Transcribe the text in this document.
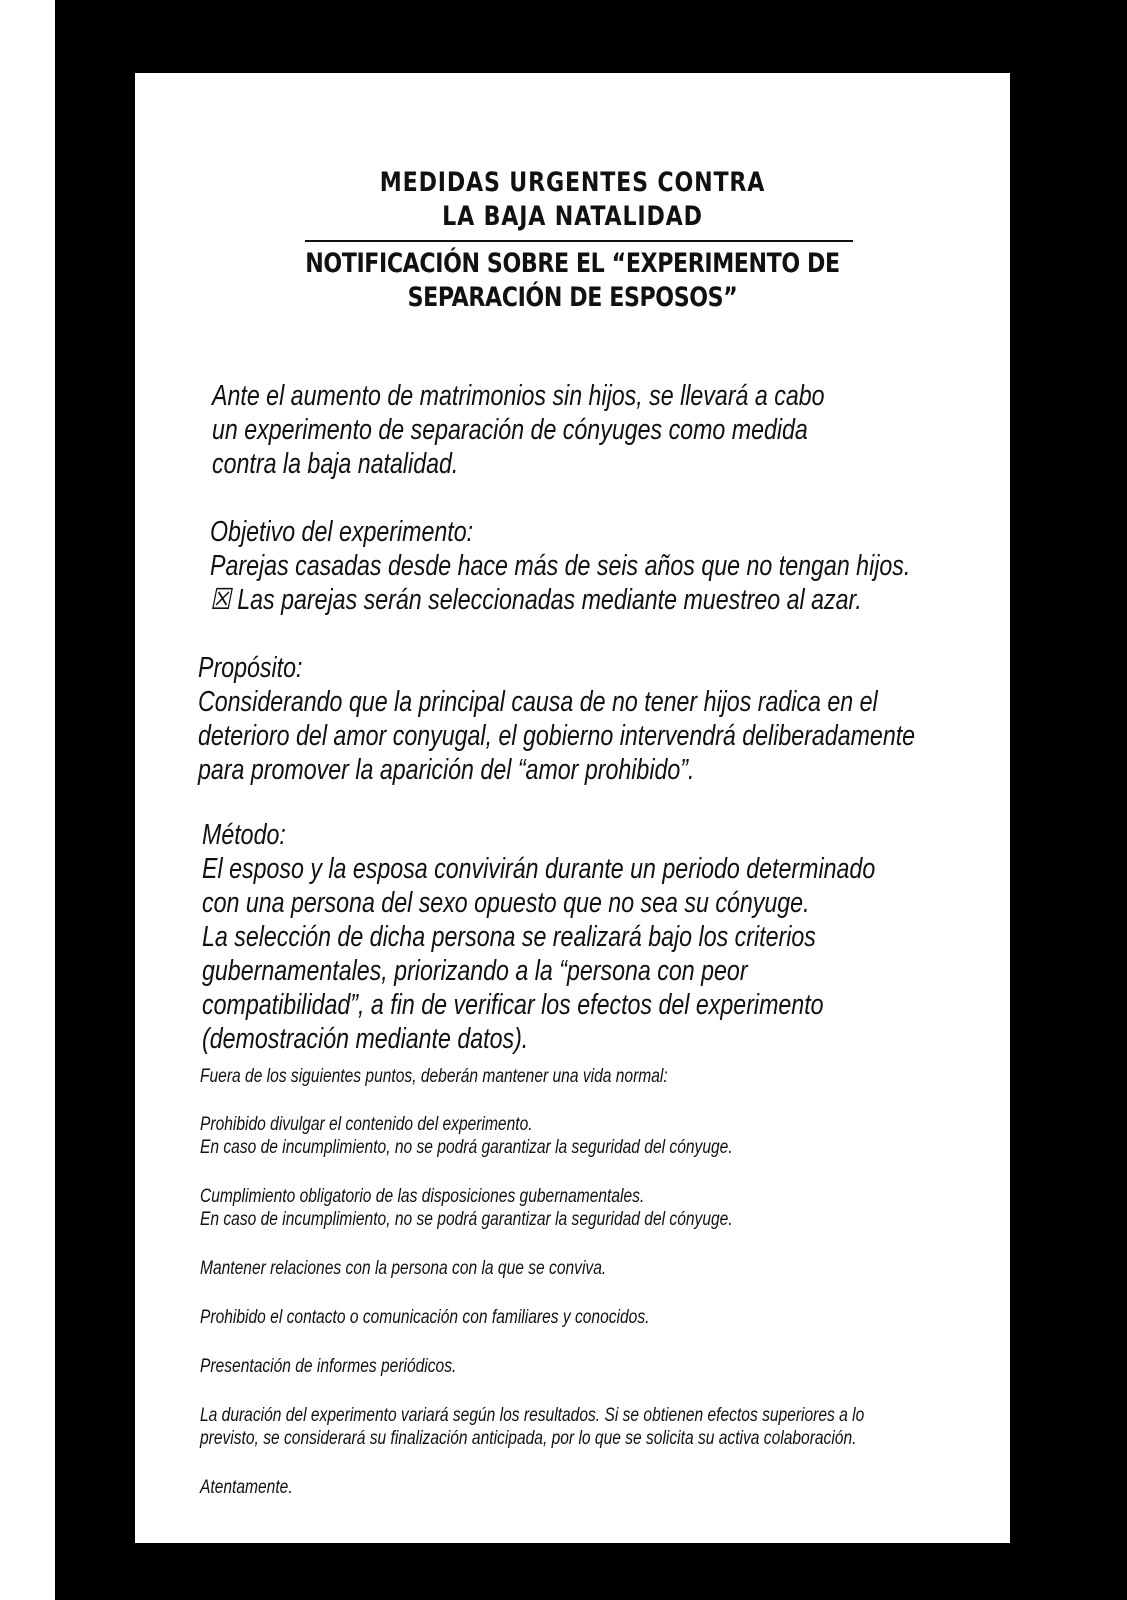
MEDIDAS URGENTES CONTRA
LA BAJA NATALIDAD
NOTIFICACIÓN SOBRE EL “EXPERIMENTO DE
SEPARACIÓN DE ESPOSOS”
Ante el aumento de matrimonios sin hijos, se llevará a cabo
un experimento de separación de cónyuges como medida
contra la baja natalidad.
Objetivo del experimento:
Parejas casadas desde hace más de seis años que no tengan hijos.
☒ Las parejas serán seleccionadas mediante muestreo al azar.
Propósito:
Considerando que la principal causa de no tener hijos radica en el
deterioro del amor conyugal, el gobierno intervendrá deliberadamente
para promover la aparición del “amor prohibido”.
Método:
El esposo y la esposa convivirán durante un periodo determinado
con una persona del sexo opuesto que no sea su cónyuge.
La selección de dicha persona se realizará bajo los criterios
gubernamentales, priorizando a la “persona con peor
compatibilidad”, a fin de verificar los efectos del experimento
(demostración mediante datos).
Fuera de los siguientes puntos, deberán mantener una vida normal:
Prohibido divulgar el contenido del experimento.
En caso de incumplimiento, no se podrá garantizar la seguridad del cónyuge.
Cumplimiento obligatorio de las disposiciones gubernamentales.
En caso de incumplimiento, no se podrá garantizar la seguridad del cónyuge.
Mantener relaciones con la persona con la que se conviva.
Prohibido el contacto o comunicación con familiares y conocidos.
Presentación de informes periódicos.
La duración del experimento variará según los resultados. Si se obtienen efectos superiores a lo
previsto, se considerará su finalización anticipada, por lo que se solicita su activa colaboración.
Atentamente.
